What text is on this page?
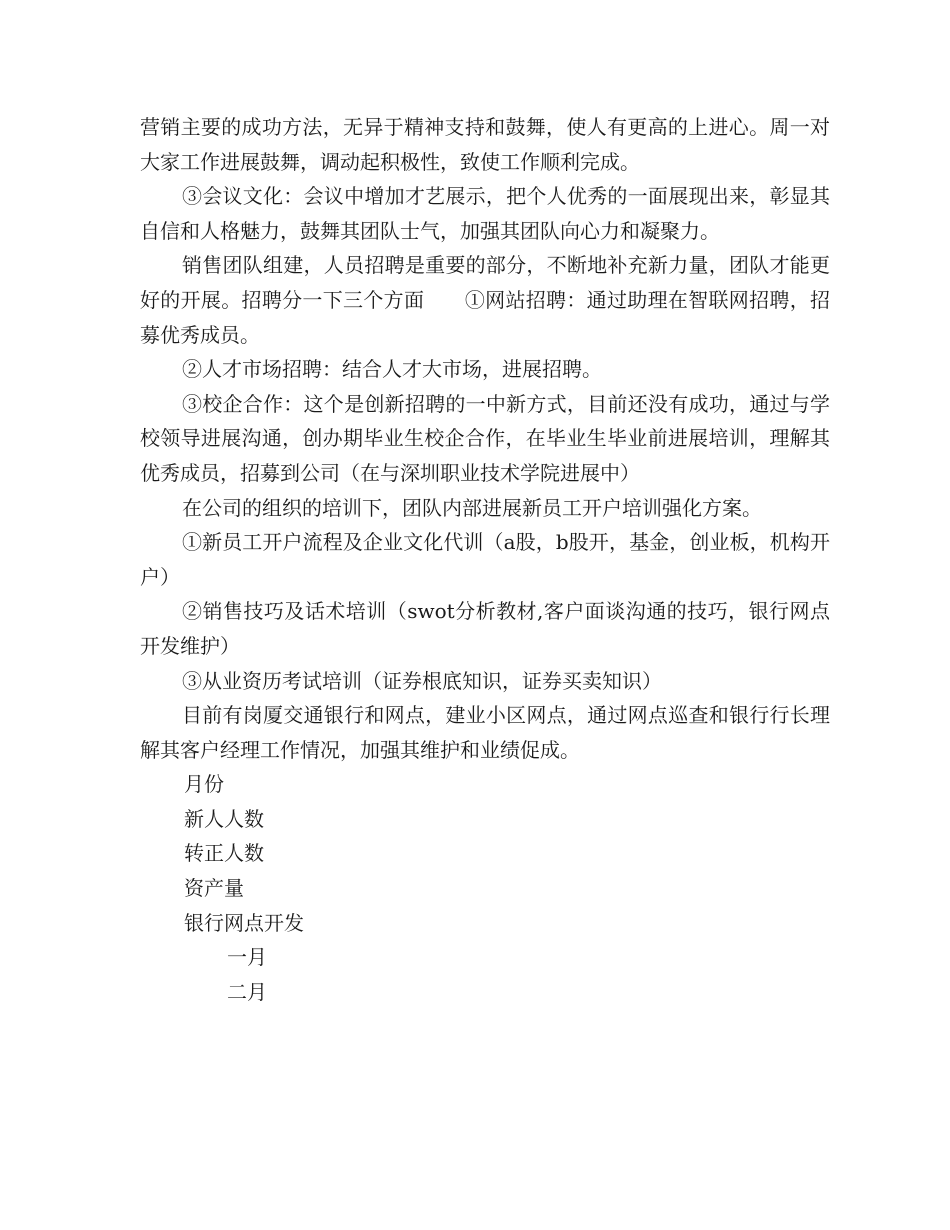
营销主要的成功方法，无异于精神支持和鼓舞，使人有更高的上进心。周一对大家工作进展鼓舞，调动起积极性，致使工作顺利完成。

③会议文化：会议中增加才艺展示，把个人优秀的一面展现出来，彰显其自信和人格魅力，鼓舞其团队士气，加强其团队向心力和凝聚力。

销售团队组建，人员招聘是重要的部分，不断地补充新力量，团队才能更好的开展。招聘分一下三个方面　　①网站招聘：通过助理在智联网招聘，招募优秀成员。

②人才市场招聘：结合人才大市场，进展招聘。

③校企合作：这个是创新招聘的一中新方式，目前还没有成功，通过与学校领导进展沟通，创办期毕业生校企合作，在毕业生毕业前进展培训，理解其优秀成员，招募到公司（在与深圳职业技术学院进展中）

在公司的组织的培训下，团队内部进展新员工开户培训强化方案。

①新员工开户流程及企业文化代训（a股，b股开，基金，创业板，机构开户）

②销售技巧及话术培训（swot分析教材,客户面谈沟通的技巧，银行网点开发维护）

③从业资历考试培训（证券根底知识，证券买卖知识）

目前有岗厦交通银行和网点，建业小区网点，通过网点巡查和银行行长理解其客户经理工作情况，加强其维护和业绩促成。

月份

新人人数

转正人数

资产量

银行网点开发

一月

二月
